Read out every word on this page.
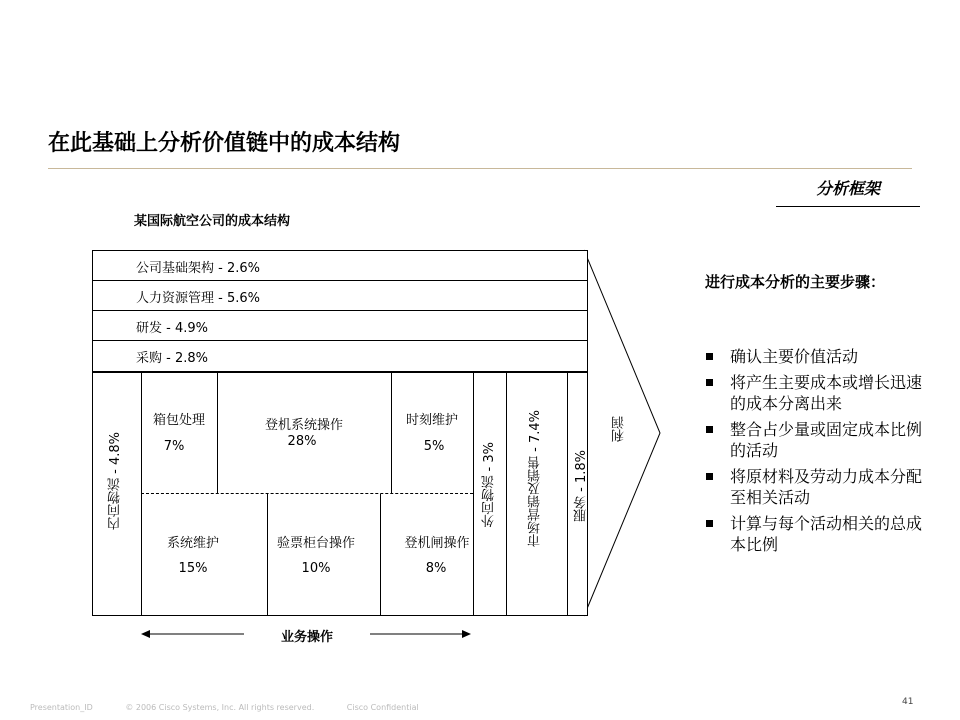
在此基础上分析价值链中的成本结构
分析框架
某国际航空公司的成本结构
公司基础架构 - 2.6%
人力资源管理 - 5.6%
研发 - 4.9%
采购 - 2.8%
内向物流 - 4.8%
箱包处理
7%
登机系统操作
28%
时刻维护
5%
系统维护
15%
验票柜台操作
10%
登机闸操作
8%
外向物流 - 3% 市场营销及销售 - 7.4% 服务 - 1.8%
利润
业务操作
进行成本分析的主要步骤：
确认主要价值活动
将产生主要成本或增长迅速的成本分离出来
整合占少量或固定成本比例的活动
将原材料及劳动力成本分配至相关活动
计算与每个活动相关的总成本比例
Presentation_ID	© 2006 Cisco Systems, Inc. All rights reserved.	Cisco Confidential
41
